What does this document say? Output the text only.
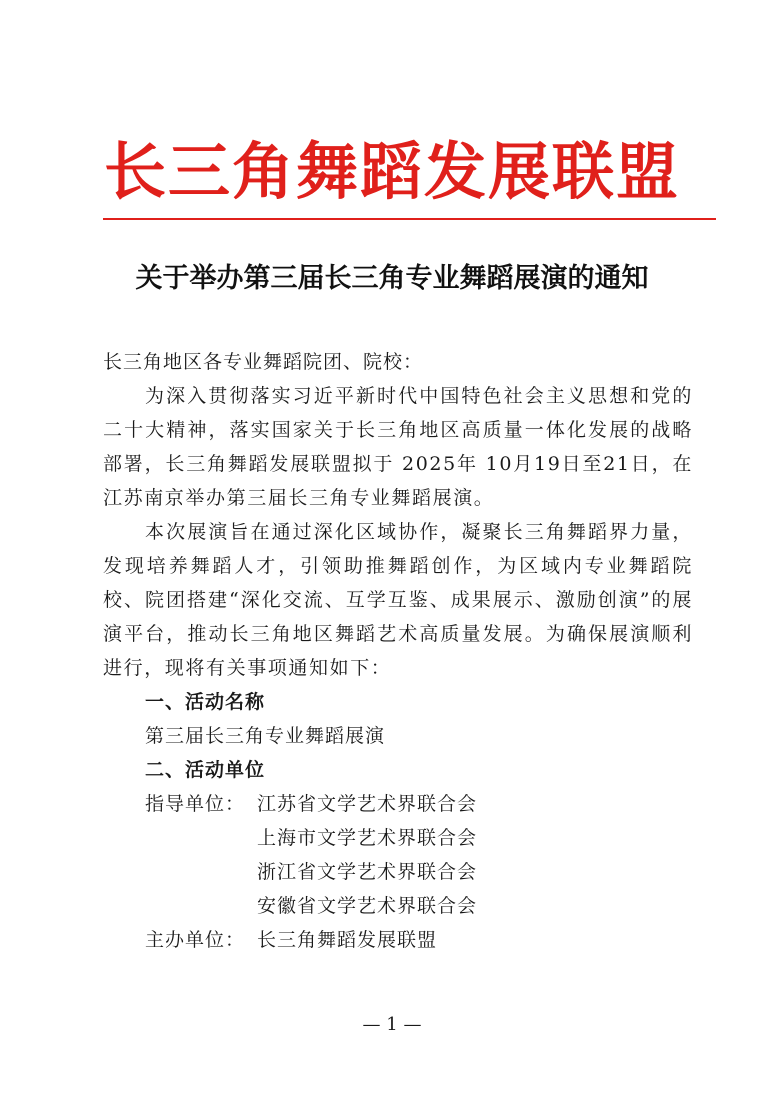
长三角舞蹈发展联盟
关于举办第三届长三角专业舞蹈展演的通知

长三角地区各专业舞蹈院团、院校：

为深入贯彻落实习近平新时代中国特色社会主义思想和党的二十大精神，落实国家关于长三角地区高质量一体化发展的战略部署，长三角舞蹈发展联盟拟于 2025年 10月19日至21日，在江苏南京举办第三届长三角专业舞蹈展演。

本次展演旨在通过深化区域协作，凝聚长三角舞蹈界力量，发现培养舞蹈人才，引领助推舞蹈创作，为区域内专业舞蹈院校、院团搭建“深化交流、互学互鉴、成果展示、激励创演”的展演平台，推动长三角地区舞蹈艺术高质量发展。为确保展演顺利进行，现将有关事项通知如下：

一、活动名称

第三届长三角专业舞蹈展演

二、活动单位

指导单位： 江苏省文学艺术界联合会
上海市文学艺术界联合会
浙江省文学艺术界联合会
安徽省文学艺术界联合会
主办单位： 长三角舞蹈发展联盟
— 1 —
